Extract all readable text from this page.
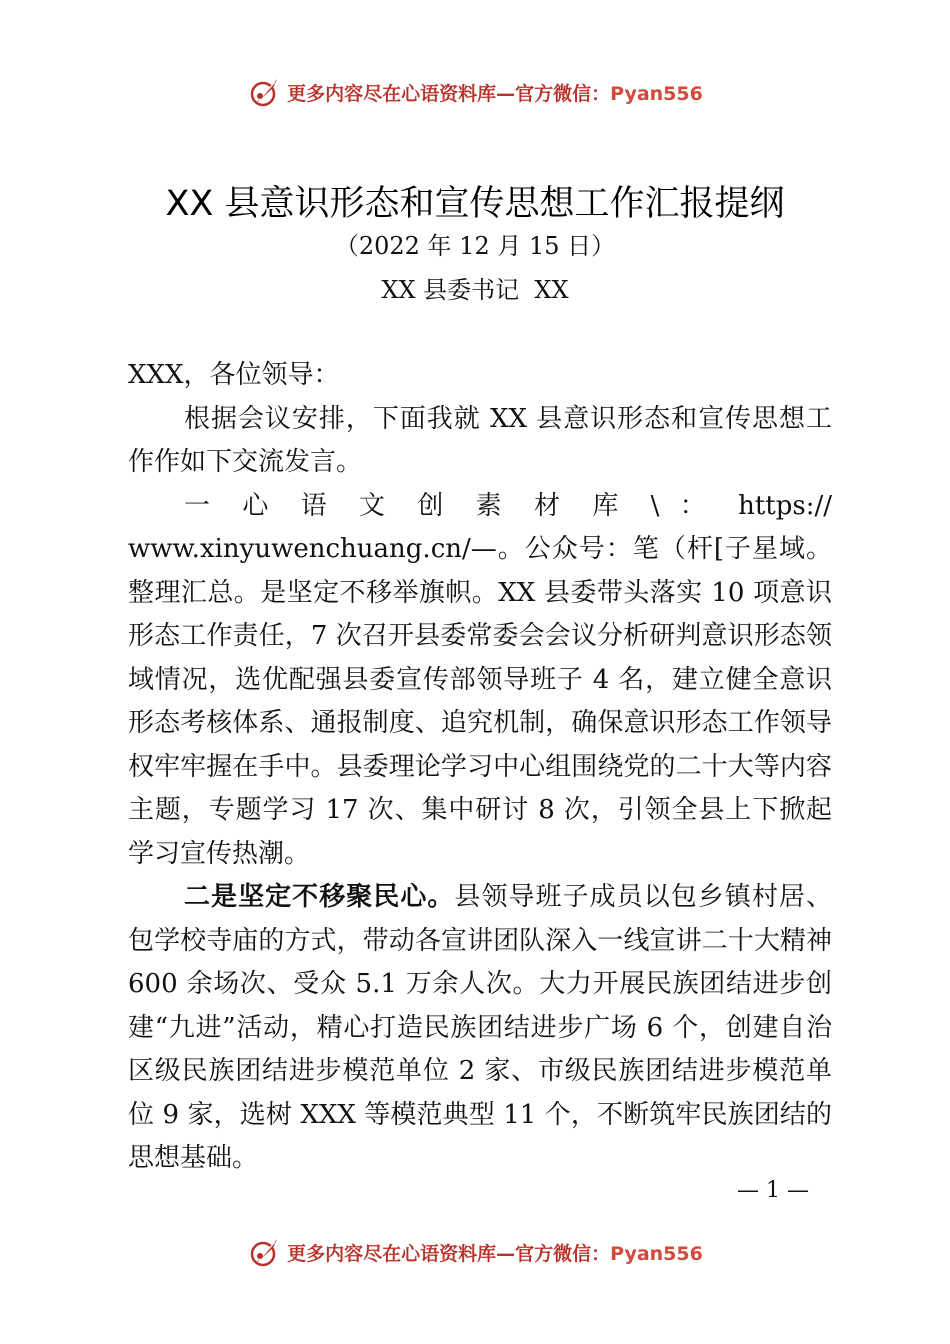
更多内容尽在心语资料库—官方微信：Pyan556
XX 县意识形态和宣传思想工作汇报提纲
（2022 年 12 月 15 日）
XX 县委书记  XX

XXX，各位领导：

根据会议安排，下面我就 XX 县意识形态和宣传思想工作作如下交流发言。

一 心 语 文 创 素 材 库 \ ： https://

www.xinyuwenchuang.cn/—。公众号：笔（杆[子星域。整理汇总。是坚定不移举旗帜。XX 县委带头落实 10 项意识形态工作责任，7 次召开县委常委会会议分析研判意识形态领域情况，选优配强县委宣传部领导班子 4 名，建立健全意识形态考核体系、通报制度、追究机制，确保意识形态工作领导权牢牢握在手中。县委理论学习中心组围绕党的二十大等内容主题，专题学习 17 次、集中研讨 8 次，引领全县上下掀起学习宣传热潮。

二是坚定不移聚民心。县领导班子成员以包乡镇村居、包学校寺庙的方式，带动各宣讲团队深入一线宣讲二十大精神 600 余场次、受众 5.1 万余人次。大力开展民族团结进步创建“九进”活动，精心打造民族团结进步广场 6 个，创建自治区级民族团结进步模范单位 2 家、市级民族团结进步模范单位 9 家，选树 XXX 等模范典型 11 个，不断筑牢民族团结的思想基础。

— 1 —
更多内容尽在心语资料库—官方微信：Pyan556
